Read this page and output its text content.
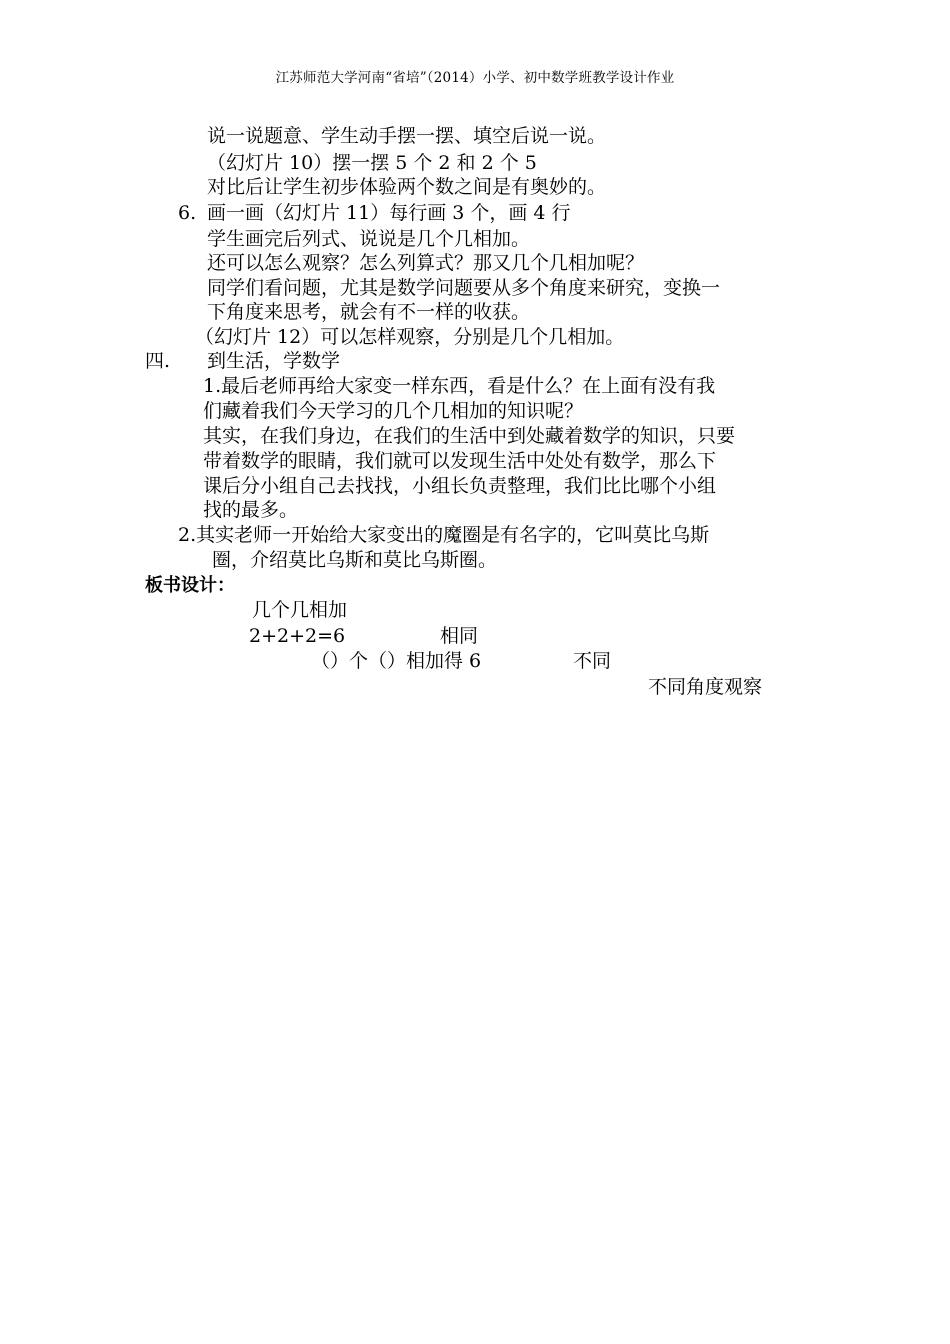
江苏师范大学河南“省培”（2014）小学、初中数学班教学设计作业
说一说题意、学生动手摆一摆、填空后说一说。
（幻灯片 10）摆一摆 5 个 2 和 2 个 5
对比后让学生初步体验两个数之间是有奥妙的。
6. 画一画（幻灯片 11）每行画 3 个，画 4 行
学生画完后列式、说说是几个几相加。
还可以怎么观察？怎么列算式？那又几个几相加呢？
同学们看问题，尤其是数学问题要从多个角度来研究，变换一
下角度来思考，就会有不一样的收获。
（幻灯片 12）可以怎样观察，分别是几个几相加。
四. 到生活，学数学
1.最后老师再给大家变一样东西，看是什么？在上面有没有我
们藏着我们今天学习的几个几相加的知识呢？
其实，在我们身边，在我们的生活中到处藏着数学的知识，只要
带着数学的眼睛，我们就可以发现生活中处处有数学，那么下
课后分小组自己去找找，小组长负责整理，我们比比哪个小组
找的最多。
2.其实老师一开始给大家变出的魔圈是有名字的，它叫莫比乌斯
圈，介绍莫比乌斯和莫比乌斯圈。
板书设计：
几个几相加
2+2+2=6	相同
（）个（）相加得 6	不同
不同角度观察
